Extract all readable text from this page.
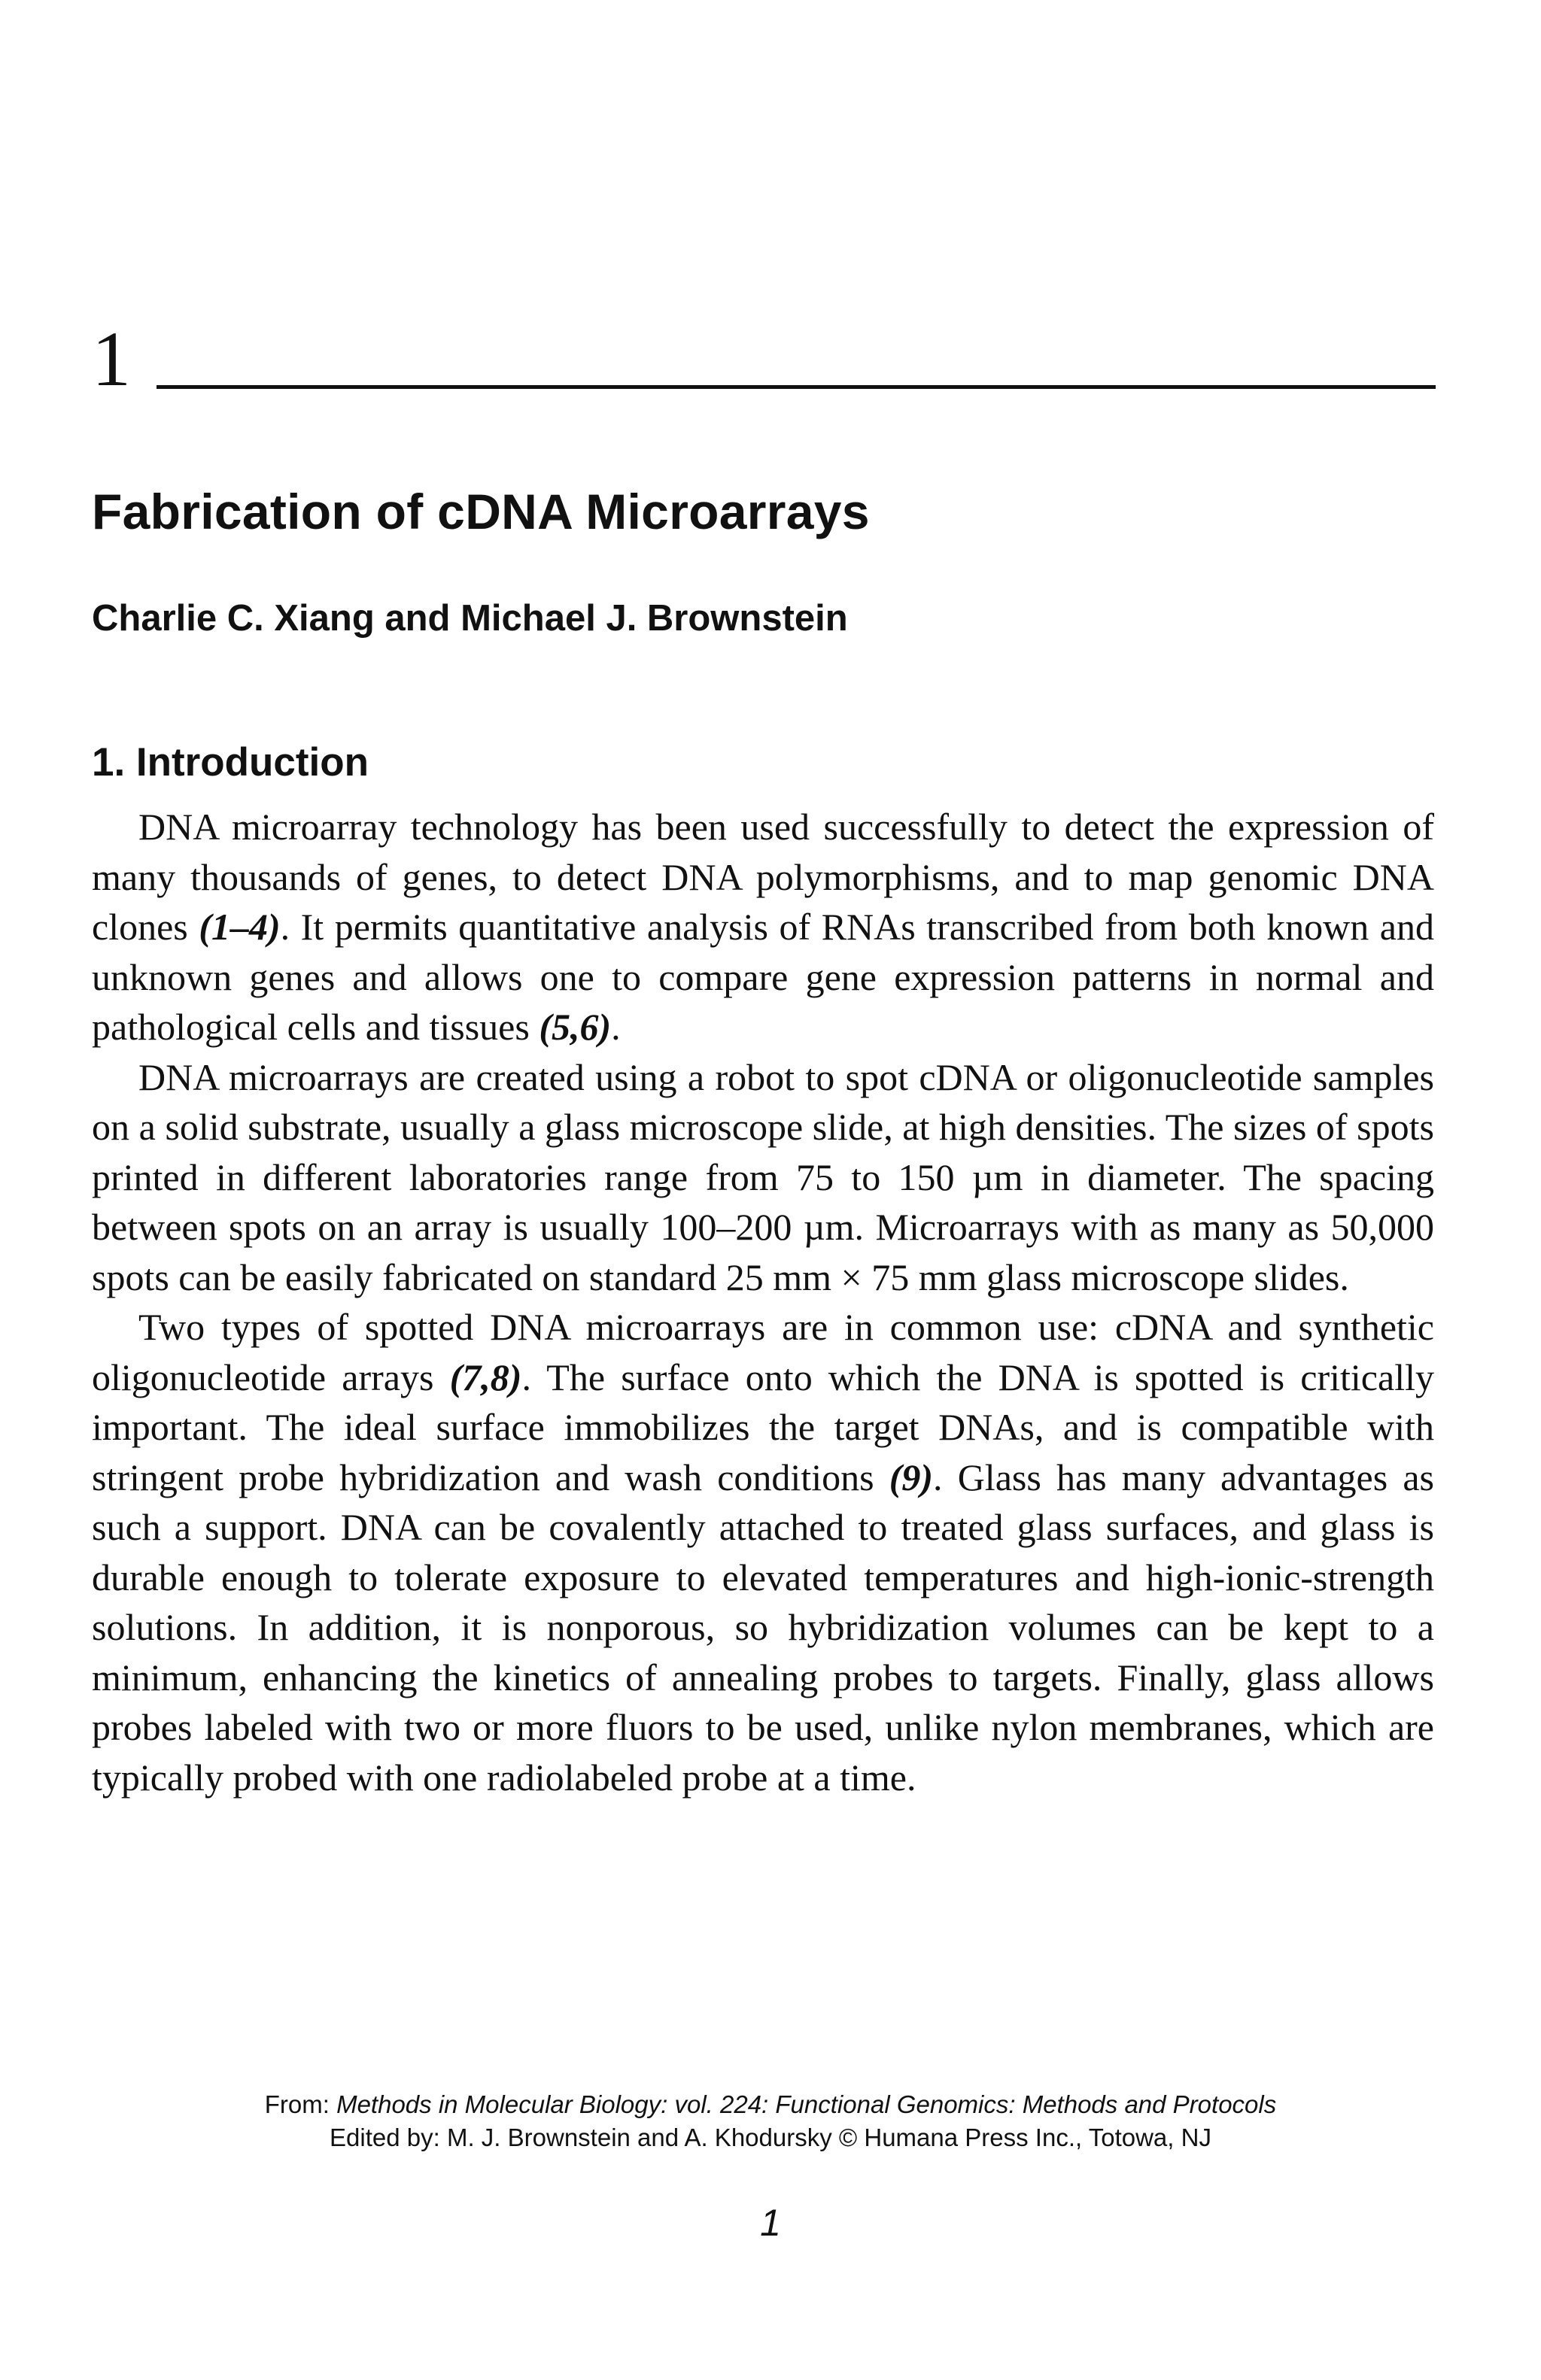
1
Fabrication of cDNA Microarrays
Charlie C. Xiang and Michael J. Brownstein
1. Introduction

DNA microarray technology has been used successfully to detect the expression of many thousands of genes, to detect DNA polymorphisms, and to map genomic DNA clones (1–4). It permits quantitative analysis of RNAs transcribed from both known and unknown genes and allows one to compare gene expression patterns in normal and pathological cells and tissues (5,6).

DNA microarrays are created using a robot to spot cDNA or oligonucleotide samples on a solid substrate, usually a glass microscope slide, at high densities. The sizes of spots printed in different laboratories range from 75 to 150 µm in diameter. The spacing between spots on an array is usually 100–200 µm. Microarrays with as many as 50,000 spots can be easily fabricated on standard 25 mm × 75 mm glass microscope slides.

Two types of spotted DNA microarrays are in common use: cDNA and synthetic oligonucleotide arrays (7,8). The surface onto which the DNA is spotted is critically important. The ideal surface immobilizes the target DNAs, and is compatible with stringent probe hybridization and wash conditions (9). Glass has many advantages as such a support. DNA can be covalently attached to treated glass surfaces, and glass is durable enough to tolerate exposure to elevated temperatures and high-ionic-strength solutions. In addition, it is nonporous, so hybridization volumes can be kept to a minimum, enhancing the kinetics of annealing probes to targets. Finally, glass allows probes labeled with two or more fluors to be used, unlike nylon membranes, which are typically probed with one radiolabeled probe at a time.

From: Methods in Molecular Biology: vol. 224: Functional Genomics: Methods and Protocols
Edited by: M. J. Brownstein and A. Khodursky © Humana Press Inc., Totowa, NJ
1
